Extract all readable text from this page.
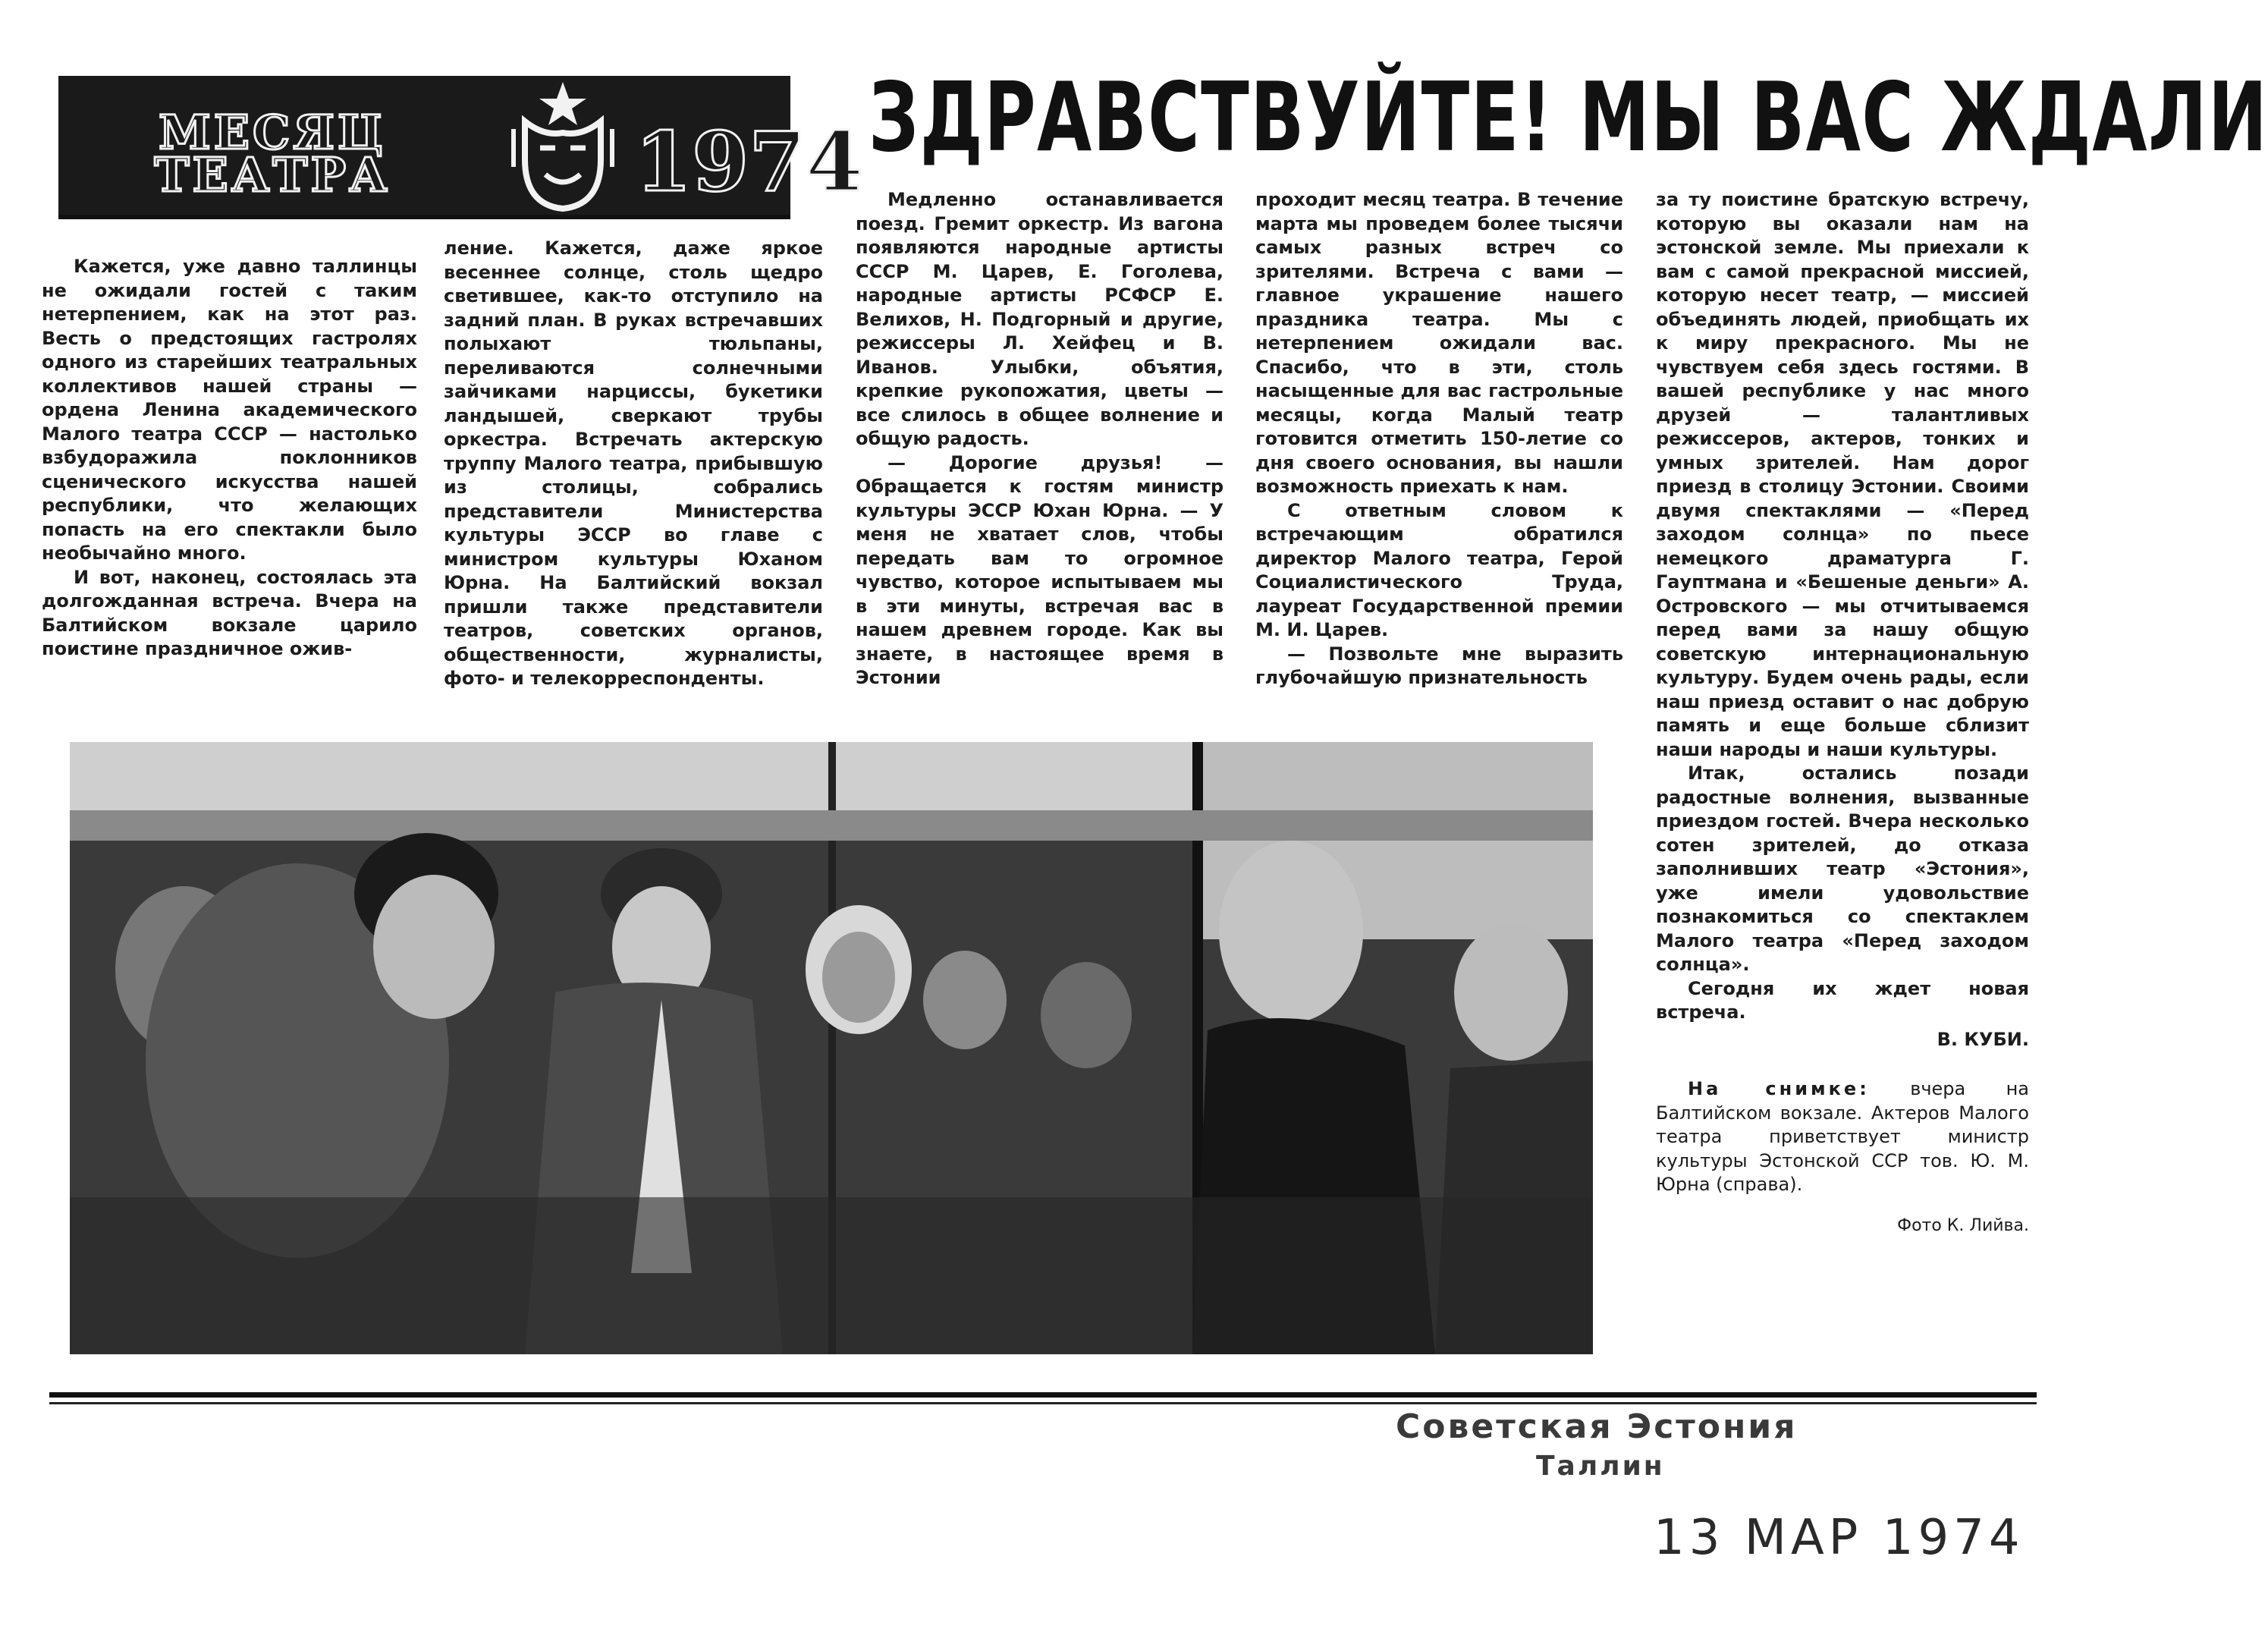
МЕСЯЦ
ТЕАТРА	1974 ЗДРАВСТВУЙТЕ! МЫ ВАС ЖДАЛИ

Кажется, уже давно таллинцы не ожидали гостей с таким нетерпением, как на этот раз. Весть о предстоящих гастролях одного из старейших театральных коллективов нашей страны — ордена Ленина академического Малого театра СССР — настолько взбудоражила поклонников сценического искусства нашей республики, что желающих попасть на его спектакли было необычайно много.

И вот, наконец, состоялась эта долгожданная встреча. Вчера на Балтийском вокзале царило поистине праздничное ожив-

ление. Кажется, даже яркое весеннее солнце, столь щедро светившее, как-то отступило на задний план. В руках встречавших полыхают тюльпаны, переливаются солнечными зайчиками нарциссы, букетики ландышей, сверкают трубы оркестра. Встречать актерскую труппу Малого театра, прибывшую из столицы, собрались представители Министерства культуры ЭССР во главе с министром культуры Юханом Юрна. На Балтийский вокзал пришли также представители театров, советских органов, общественности, журналисты, фото- и телекорреспонденты.

Медленно останавливается поезд. Гремит оркестр. Из вагона появляются народные артисты СССР М. Царев, Е. Гоголева, народные артисты РСФСР Е. Велихов, Н. Подгорный и другие, режиссеры Л. Хейфец и В. Иванов. Улыбки, объятия, крепкие рукопожатия, цветы — все слилось в общее волнение и общую радость.

— Дорогие друзья! — Обращается к гостям министр культуры ЭССР Юхан Юрна. — У меня не хватает слов, чтобы передать вам то огромное чувство, которое испытываем мы в эти минуты, встречая вас в нашем древнем городе. Как вы знаете, в настоящее время в Эстонии

проходит месяц театра. В течение марта мы проведем более тысячи самых разных встреч со зрителями. Встреча с вами — главное украшение нашего праздника театра. Мы с нетерпением ожидали вас. Спасибо, что в эти, столь насыщенные для вас гастрольные месяцы, когда Малый театр готовится отметить 150-летие со дня своего основания, вы нашли возможность приехать к нам.

С ответным словом к встречающим обратился директор Малого театра, Герой Социалистического Труда, лауреат Государственной премии М. И. Царев.

— Позвольте мне выразить глубочайшую признательность

за ту поистине братскую встречу, которую вы оказали нам на эстонской земле. Мы приехали к вам с самой прекрасной миссией, которую несет театр, — миссией объединять людей, приобщать их к миру прекрасного. Мы не чувствуем себя здесь гостями. В вашей республике у нас много друзей — талантливых режиссеров, актеров, тонких и умных зрителей. Нам дорог приезд в столицу Эстонии. Своими двумя спектаклями — «Перед заходом солнца» по пьесе немецкого драматурга Г. Гауптмана и «Бешеные деньги» А. Островского — мы отчитываемся перед вами за нашу общую советскую интернациональную культуру. Будем очень рады, если наш приезд оставит о нас добрую память и еще больше сблизит наши народы и наши культуры.

Итак, остались позади радостные волнения, вызванные приездом гостей. Вчера несколько сотен зрителей, до отказа заполнивших театр «Эстония», уже имели удовольствие познакомиться со спектаклем Малого театра «Перед заходом солнца».

Сегодня их ждет новая встреча.

В. КУБИ.

На снимке: вчера на Балтийском вокзале. Актеров Малого театра приветствует министр культуры Эстонской ССР тов. Ю. М. Юрна (справа).

Фото К. Лийва.

Советская Эстония
Таллин
13 МАР 1974
